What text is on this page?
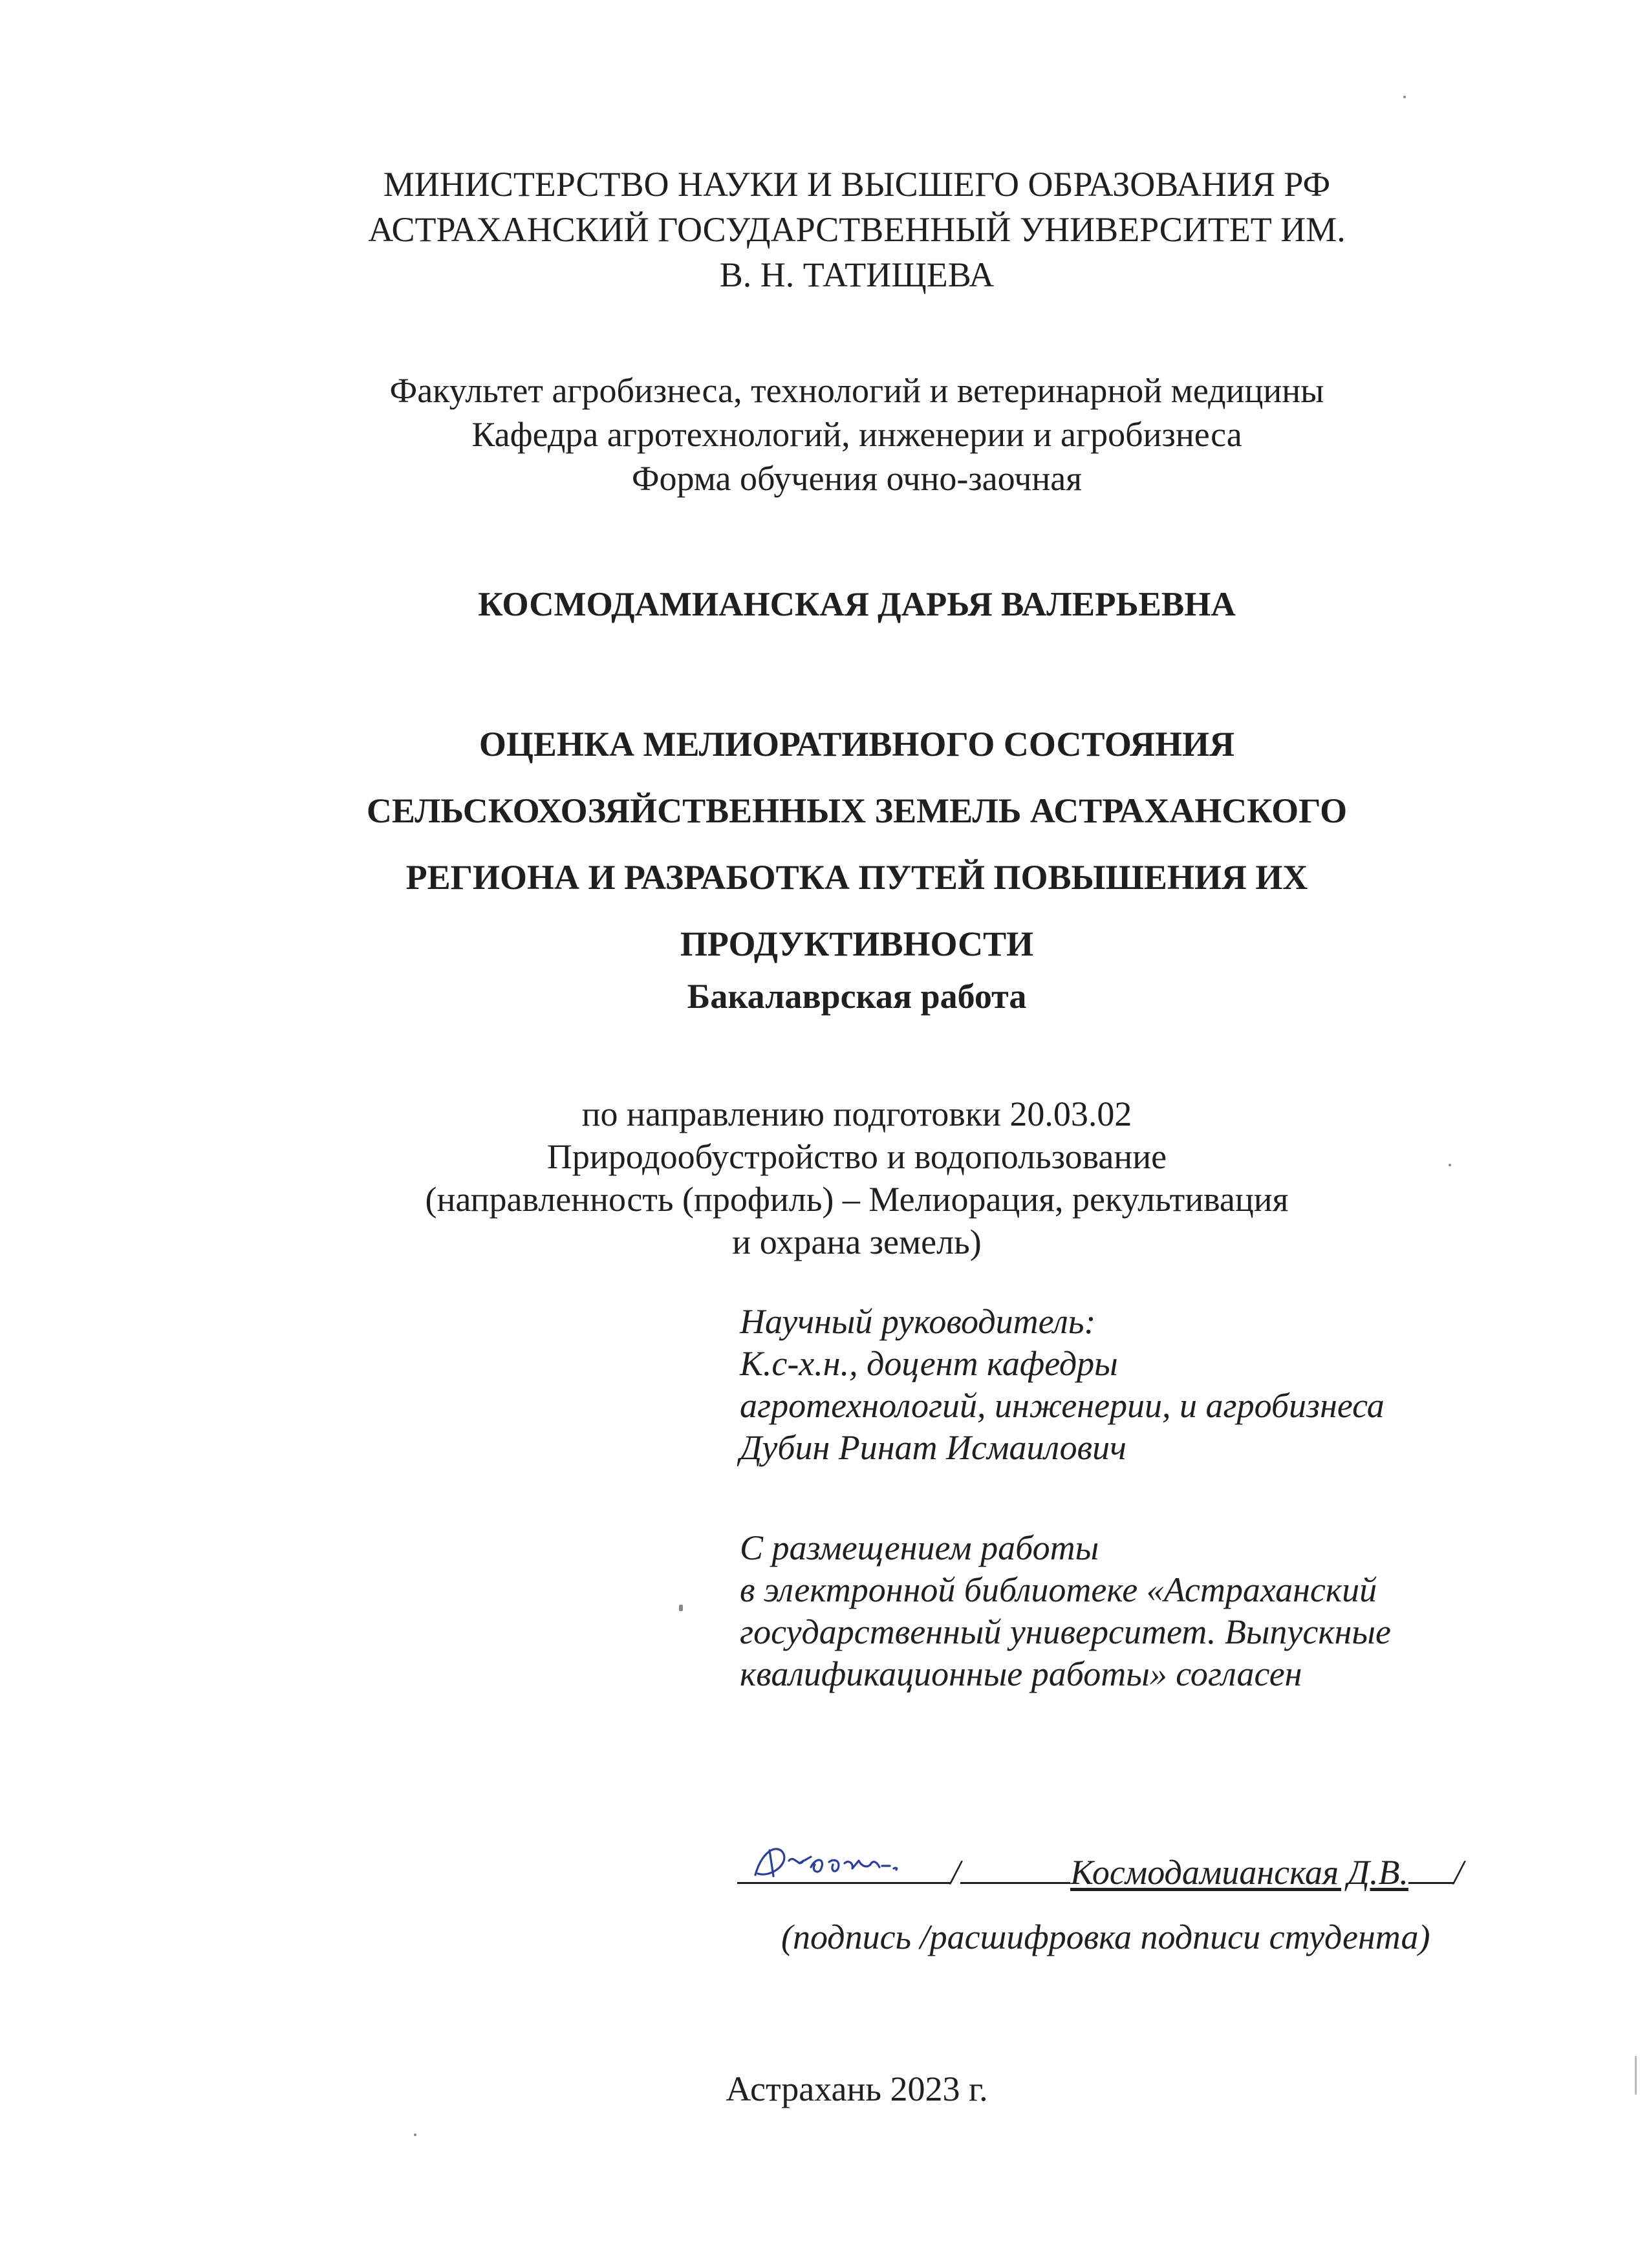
МИНИСТЕРСТВО НАУКИ И ВЫСШЕГО ОБРАЗОВАНИЯ РФ
АСТРАХАНСКИЙ ГОСУДАРСТВЕННЫЙ УНИВЕРСИТЕТ ИМ.
В. Н. ТАТИЩЕВА
Факультет агробизнеса, технологий и ветеринарной медицины
Кафедра агротехнологий, инженерии и агробизнеса
Форма обучения очно-заочная
КОСМОДАМИАНСКАЯ ДАРЬЯ ВАЛЕРЬЕВНА
ОЦЕНКА МЕЛИОРАТИВНОГО СОСТОЯНИЯ
СЕЛЬСКОХОЗЯЙСТВЕННЫХ ЗЕМЕЛЬ АСТРАХАНСКОГО
РЕГИОНА И РАЗРАБОТКА ПУТЕЙ ПОВЫШЕНИЯ ИХ
ПРОДУКТИВНОСТИ
Бакалаврская работа
по направлению подготовки 20.03.02
Природообустройство и водопользование
(направленность (профиль) – Мелиорация, рекультивация
и охрана земель)
Научный руководитель:
К.с-х.н., доцент кафедры
агротехнологий, инженерии, и агробизнеса
Дубин Ринат Исмаилович
С размещением работы
в электронной библиотеке «Астраханский
государственный университет. Выпускные
квалификационные работы» согласен
/	Космодамианская Д.В. /
(подпись /расшифровка подписи студента)
Астрахань 2023 г.
